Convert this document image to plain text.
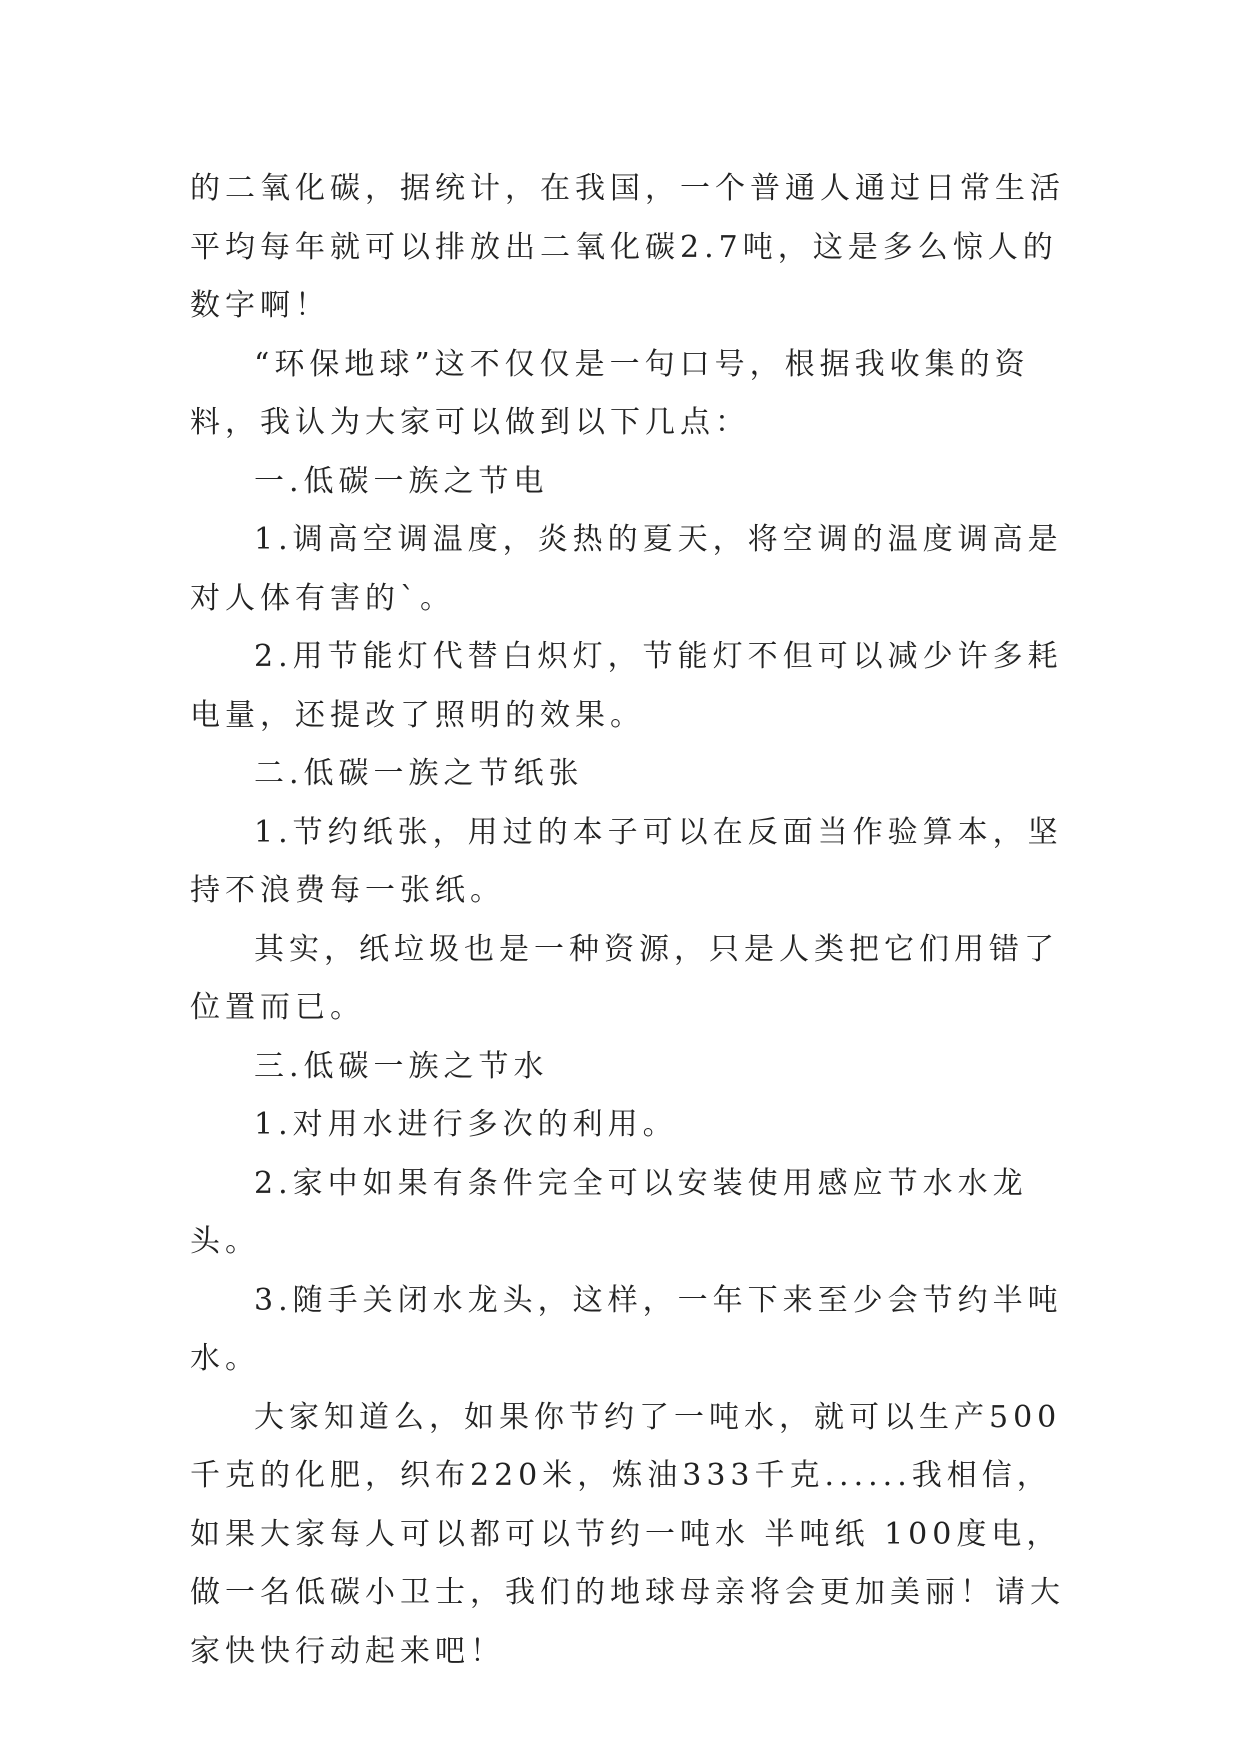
的二氧化碳，据统计，在我国，一个普通人通过日常生活平均每年就可以排放出二氧化碳2.7吨，这是多么惊人的数字啊！

“环保地球”这不仅仅是一句口号，根据我收集的资料，我认为大家可以做到以下几点：

一.低碳一族之节电

1.调高空调温度，炎热的夏天，将空调的温度调高是对人体有害的`。

2.用节能灯代替白炽灯，节能灯不但可以减少许多耗电量，还提改了照明的效果。

二.低碳一族之节纸张

1.节约纸张，用过的本子可以在反面当作验算本，坚持不浪费每一张纸。

其实，纸垃圾也是一种资源，只是人类把它们用错了位置而已。

三.低碳一族之节水

1.对用水进行多次的利用。

2.家中如果有条件完全可以安装使用感应节水水龙头。

3.随手关闭水龙头，这样，一年下来至少会节约半吨水。

大家知道么，如果你节约了一吨水，就可以生产500千克的化肥，织布220米，炼油333千克......我相信，如果大家每人可以都可以节约一吨水 半吨纸 100度电，做一名低碳小卫士，我们的地球母亲将会更加美丽！请大家快快行动起来吧！
